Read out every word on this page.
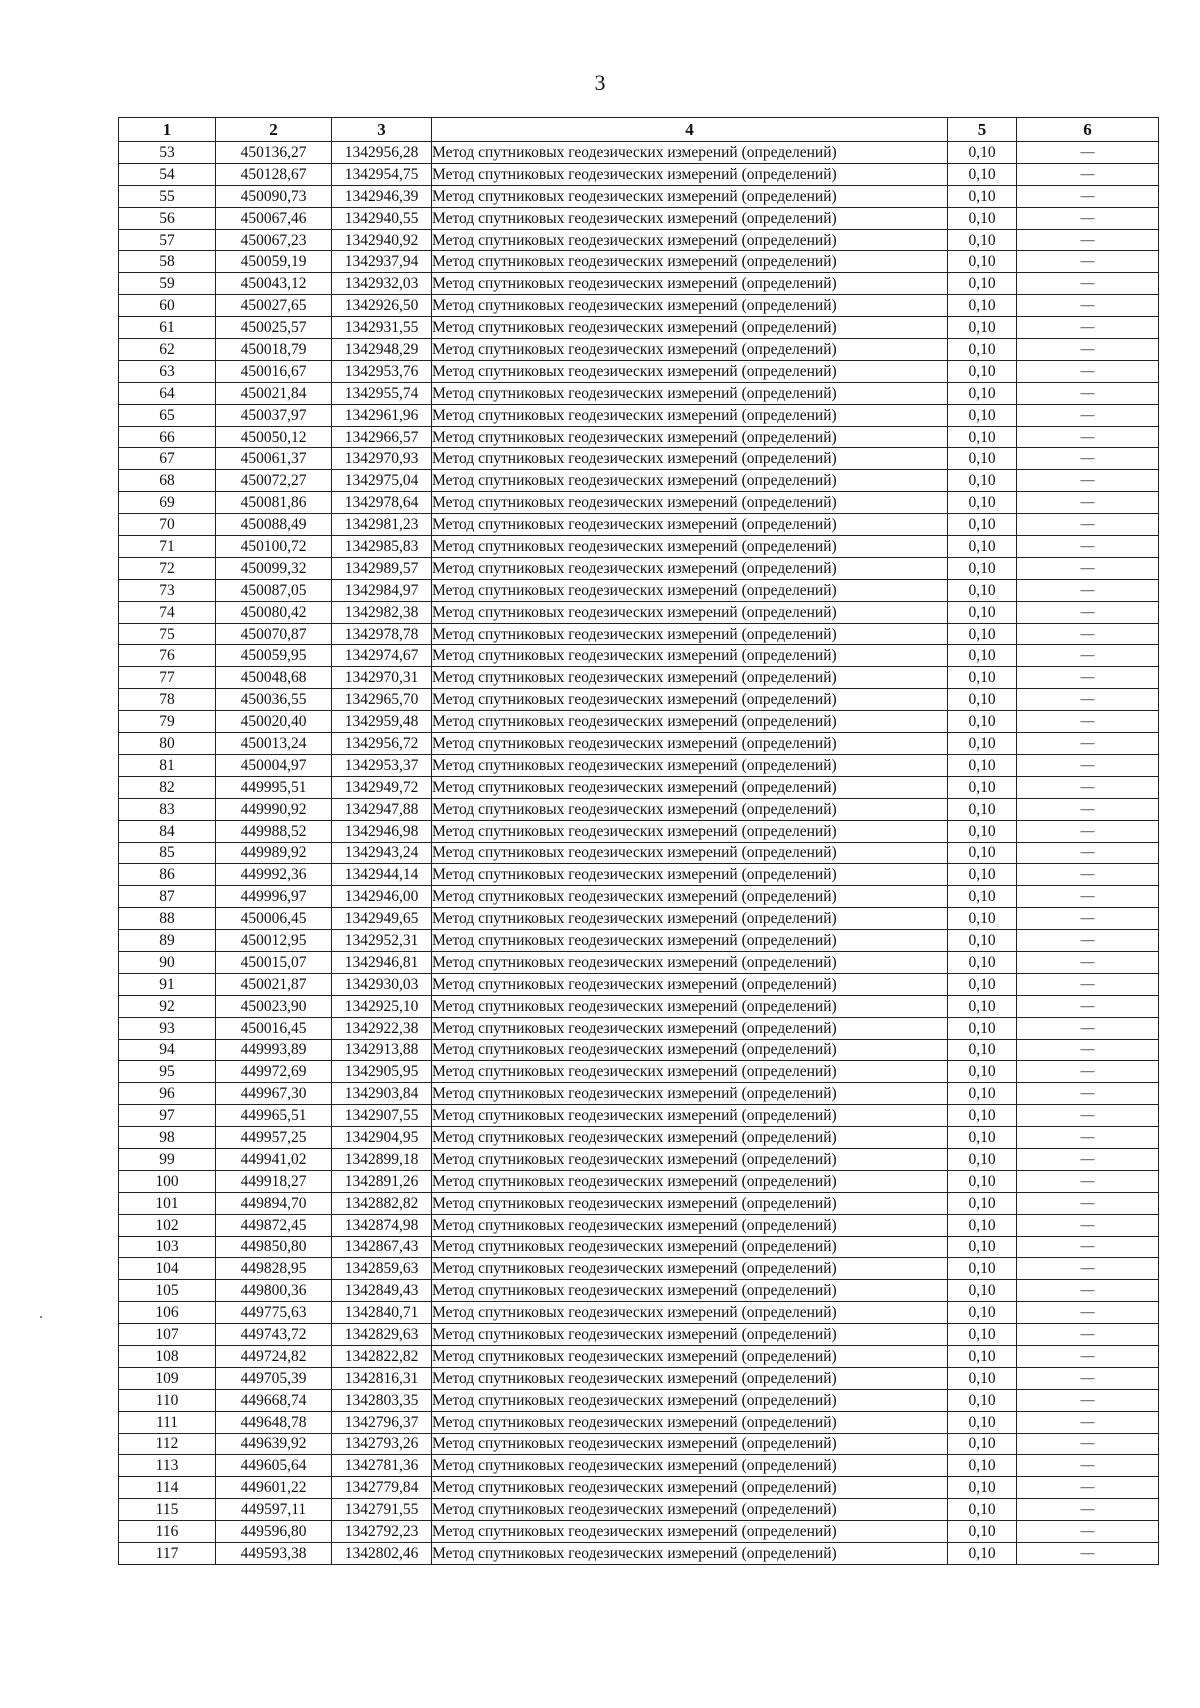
3
1	2	3	4	5	6
53	450136,27	1342956,28	Метод спутниковых геодезических измерений (определений)	0,10	—
54	450128,67	1342954,75	Метод спутниковых геодезических измерений (определений)	0,10	—
55	450090,73	1342946,39	Метод спутниковых геодезических измерений (определений)	0,10	—
56	450067,46	1342940,55	Метод спутниковых геодезических измерений (определений)	0,10	—
57	450067,23	1342940,92	Метод спутниковых геодезических измерений (определений)	0,10	—
58	450059,19	1342937,94	Метод спутниковых геодезических измерений (определений)	0,10	—
59	450043,12	1342932,03	Метод спутниковых геодезических измерений (определений)	0,10	—
60	450027,65	1342926,50	Метод спутниковых геодезических измерений (определений)	0,10	—
61	450025,57	1342931,55	Метод спутниковых геодезических измерений (определений)	0,10	—
62	450018,79	1342948,29	Метод спутниковых геодезических измерений (определений)	0,10	—
63	450016,67	1342953,76	Метод спутниковых геодезических измерений (определений)	0,10	—
64	450021,84	1342955,74	Метод спутниковых геодезических измерений (определений)	0,10	—
65	450037,97	1342961,96	Метод спутниковых геодезических измерений (определений)	0,10	—
66	450050,12	1342966,57	Метод спутниковых геодезических измерений (определений)	0,10	—
67	450061,37	1342970,93	Метод спутниковых геодезических измерений (определений)	0,10	—
68	450072,27	1342975,04	Метод спутниковых геодезических измерений (определений)	0,10	—
69	450081,86	1342978,64	Метод спутниковых геодезических измерений (определений)	0,10	—
70	450088,49	1342981,23	Метод спутниковых геодезических измерений (определений)	0,10	—
71	450100,72	1342985,83	Метод спутниковых геодезических измерений (определений)	0,10	—
72	450099,32	1342989,57	Метод спутниковых геодезических измерений (определений)	0,10	—
73	450087,05	1342984,97	Метод спутниковых геодезических измерений (определений)	0,10	—
74	450080,42	1342982,38	Метод спутниковых геодезических измерений (определений)	0,10	—
75	450070,87	1342978,78	Метод спутниковых геодезических измерений (определений)	0,10	—
76	450059,95	1342974,67	Метод спутниковых геодезических измерений (определений)	0,10	—
77	450048,68	1342970,31	Метод спутниковых геодезических измерений (определений)	0,10	—
78	450036,55	1342965,70	Метод спутниковых геодезических измерений (определений)	0,10	—
79	450020,40	1342959,48	Метод спутниковых геодезических измерений (определений)	0,10	—
80	450013,24	1342956,72	Метод спутниковых геодезических измерений (определений)	0,10	—
81	450004,97	1342953,37	Метод спутниковых геодезических измерений (определений)	0,10	—
82	449995,51	1342949,72	Метод спутниковых геодезических измерений (определений)	0,10	—
83	449990,92	1342947,88	Метод спутниковых геодезических измерений (определений)	0,10	—
84	449988,52	1342946,98	Метод спутниковых геодезических измерений (определений)	0,10	—
85	449989,92	1342943,24	Метод спутниковых геодезических измерений (определений)	0,10	—
86	449992,36	1342944,14	Метод спутниковых геодезических измерений (определений)	0,10	—
87	449996,97	1342946,00	Метод спутниковых геодезических измерений (определений)	0,10	—
88	450006,45	1342949,65	Метод спутниковых геодезических измерений (определений)	0,10	—
89	450012,95	1342952,31	Метод спутниковых геодезических измерений (определений)	0,10	—
90	450015,07	1342946,81	Метод спутниковых геодезических измерений (определений)	0,10	—
91	450021,87	1342930,03	Метод спутниковых геодезических измерений (определений)	0,10	—
92	450023,90	1342925,10	Метод спутниковых геодезических измерений (определений)	0,10	—
93	450016,45	1342922,38	Метод спутниковых геодезических измерений (определений)	0,10	—
94	449993,89	1342913,88	Метод спутниковых геодезических измерений (определений)	0,10	—
95	449972,69	1342905,95	Метод спутниковых геодезических измерений (определений)	0,10	—
96	449967,30	1342903,84	Метод спутниковых геодезических измерений (определений)	0,10	—
97	449965,51	1342907,55	Метод спутниковых геодезических измерений (определений)	0,10	—
98	449957,25	1342904,95	Метод спутниковых геодезических измерений (определений)	0,10	—
99	449941,02	1342899,18	Метод спутниковых геодезических измерений (определений)	0,10	—
100	449918,27	1342891,26	Метод спутниковых геодезических измерений (определений)	0,10	—
101	449894,70	1342882,82	Метод спутниковых геодезических измерений (определений)	0,10	—
102	449872,45	1342874,98	Метод спутниковых геодезических измерений (определений)	0,10	—
103	449850,80	1342867,43	Метод спутниковых геодезических измерений (определений)	0,10	—
104	449828,95	1342859,63	Метод спутниковых геодезических измерений (определений)	0,10	—
105	449800,36	1342849,43	Метод спутниковых геодезических измерений (определений)	0,10	—
106	449775,63	1342840,71	Метод спутниковых геодезических измерений (определений)	0,10	—
107	449743,72	1342829,63	Метод спутниковых геодезических измерений (определений)	0,10	—
108	449724,82	1342822,82	Метод спутниковых геодезических измерений (определений)	0,10	—
109	449705,39	1342816,31	Метод спутниковых геодезических измерений (определений)	0,10	—
110	449668,74	1342803,35	Метод спутниковых геодезических измерений (определений)	0,10	—
111	449648,78	1342796,37	Метод спутниковых геодезических измерений (определений)	0,10	—
112	449639,92	1342793,26	Метод спутниковых геодезических измерений (определений)	0,10	—
113	449605,64	1342781,36	Метод спутниковых геодезических измерений (определений)	0,10	—
114	449601,22	1342779,84	Метод спутниковых геодезических измерений (определений)	0,10	—
115	449597,11	1342791,55	Метод спутниковых геодезических измерений (определений)	0,10	—
116	449596,80	1342792,23	Метод спутниковых геодезических измерений (определений)	0,10	—
117	449593,38	1342802,46	Метод спутниковых геодезических измерений (определений)	0,10	—
